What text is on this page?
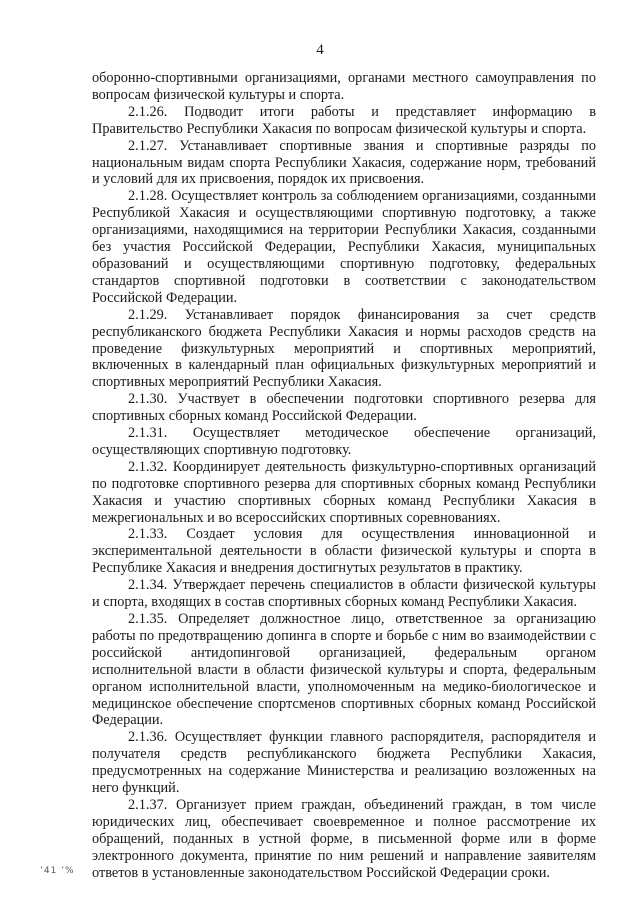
4

оборонно-спортивными организациями, органами местного самоуправления по вопросам физической культуры и спорта.

2.1.26. Подводит итоги работы и представляет информацию в Правительство Республики Хакасия по вопросам физической культуры и спорта.

2.1.27. Устанавливает спортивные звания и спортивные разряды по национальным видам спорта Республики Хакасия, содержание норм, требований и условий для их присвоения, порядок их присвоения.

2.1.28. Осуществляет контроль за соблюдением организациями, созданными Республикой Хакасия и осуществляющими спортивную подготовку, а также организациями, находящимися на территории Республики Хакасия, созданными без участия Российской Федерации, Республики Хакасия, муниципальных образований и осуществляющими спортивную подготовку, федеральных стандартов спортивной подготовки в соответствии с законодательством Российской Федерации.

2.1.29. Устанавливает порядок финансирования за счет средств республиканского бюджета Республики Хакасия и нормы расходов средств на проведение физкультурных мероприятий и спортивных мероприятий, включенных в календарный план официальных физкультурных мероприятий и спортивных мероприятий Республики Хакасия.

2.1.30. Участвует в обеспечении подготовки спортивного резерва для спортивных сборных команд Российской Федерации.

2.1.31. Осуществляет методическое обеспечение организаций, осуществляющих спортивную подготовку.

2.1.32. Координирует деятельность физкультурно-спортивных организаций по подготовке спортивного резерва для спортивных сборных команд Республики Хакасия и участию спортивных сборных команд Республики Хакасия в межрегиональных и во всероссийских спортивных соревнованиях.

2.1.33. Создает условия для осуществления инновационной и экспериментальной деятельности в области физической культуры и спорта в Республике Хакасия и внедрения достигнутых результатов в практику.

2.1.34. Утверждает перечень специалистов в области физической культуры и спорта, входящих в состав спортивных сборных команд Республики Хакасия.

2.1.35. Определяет должностное лицо, ответственное за организацию работы по предотвращению допинга в спорте и борьбе с ним во взаимодействии с российской антидопинговой организацией, федеральным органом исполнительной власти в области физической культуры и спорта, федеральным органом исполнительной власти, уполномоченным на медико-биологическое и медицинское обеспечение спортсменов спортивных сборных команд Российской Федерации.

2.1.36. Осуществляет функции главного распорядителя, распорядителя и получателя средств республиканского бюджета Республики Хакасия, предусмотренных на содержание Министерства и реализацию возложенных на него функций.

2.1.37. Организует прием граждан, объединений граждан, в том числе юридических лиц, обеспечивает своевременное и полное рассмотрение их обращений, поданных в устной форме, в письменной форме или в форме электронного документа, принятие по ним решений и направление заявителям ответов в установленные законодательством Российской Федерации сроки.

ʼ41 ʼ%
